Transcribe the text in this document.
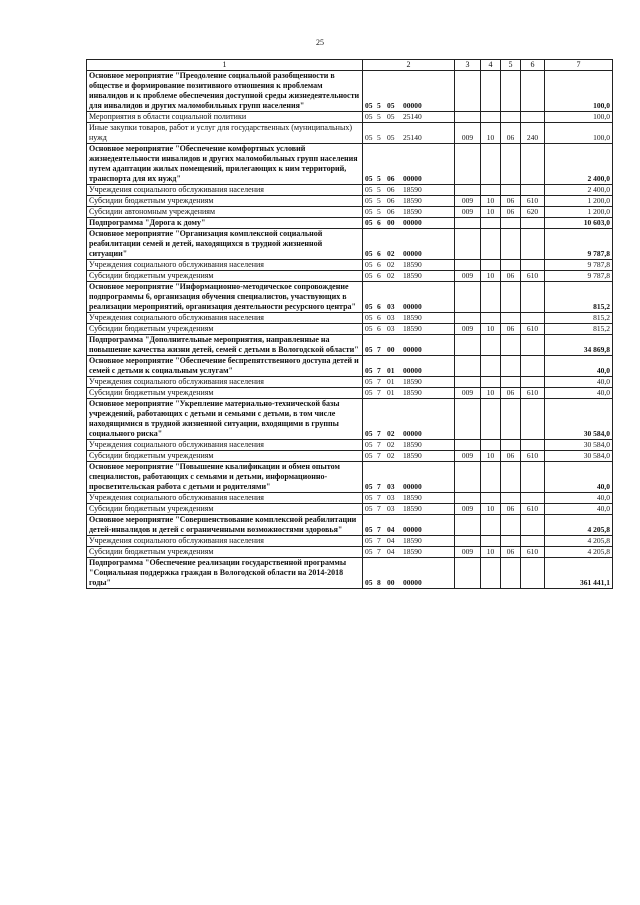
25
1	2	3	4	5	6	7
Основное мероприятие "Преодоление социальной разобщенности в обществе и формирование позитивного отношения к проблемам инвалидов и к проблеме обеспечения доступной среды жизнедеятельности для инвалидов и других маломобильных групп населения"	05 5 05 00000					100,0
Мероприятия в области социальной политики	05 5 05 25140					100,0
Иные закупки товаров, работ и услуг для государственных (муниципальных) нужд	05 5 05 25140	009	10	06	240	100,0
Основное мероприятие "Обеспечение комфортных условий жизнедеятельности инвалидов и других маломобильных групп населения путем адаптации жилых помещений, прилегающих к ним территорий, транспорта для их нужд"	05 5 06 00000					2 400,0
Учреждения социального обслуживания населения	05 5 06 18590					2 400,0
Субсидии бюджетным учреждениям	05 5 06 18590	009	10	06	610	1 200,0
Субсидии автономным учреждениям	05 5 06 18590	009	10	06	620	1 200,0
Подпрограмма "Дорога к дому"	05 6 00 00000					10 603,0
Основное мероприятие "Организация комплексной социальной реабилитации семей и детей, находящихся в трудной жизненной ситуации"	05 6 02 00000					9 787,8
Учреждения социального обслуживания населения	05 6 02 18590					9 787,8
Субсидии бюджетным учреждениям	05 6 02 18590	009	10	06	610	9 787,8
Основное мероприятие "Информационно-методическое сопровождение подпрограммы 6, организация обучения специалистов, участвующих в реализации мероприятий, организация деятельности ресурсного центра"	05 6 03 00000					815,2
Учреждения социального обслуживания населения	05 6 03 18590					815,2
Субсидии бюджетным учреждениям	05 6 03 18590	009	10	06	610	815,2
Подпрограмма "Дополнительные мероприятия, направленные на повышение качества жизни детей, семей с детьми в Вологодской области"	05 7 00 00000					34 869,8
Основное мероприятие "Обеспечение беспрепятственного доступа детей и семей с детьми к социальным услугам"	05 7 01 00000					40,0
Учреждения социального обслуживания населения	05 7 01 18590					40,0
Субсидии бюджетным учреждениям	05 7 01 18590	009	10	06	610	40,0
Основное мероприятие "Укрепление материально-технической базы учреждений, работающих с детьми и семьями с детьми, в том числе находящимися в трудной жизненной ситуации, входящими в группы социального риска"	05 7 02 00000					30 584,0
Учреждения социального обслуживания населения	05 7 02 18590					30 584,0
Субсидии бюджетным учреждениям	05 7 02 18590	009	10	06	610	30 584,0
Основное мероприятие "Повышение квалификации и обмен опытом специалистов, работающих с семьями и детьми, информационно-просветительская работа с детьми и родителями"	05 7 03 00000					40,0
Учреждения социального обслуживания населения	05 7 03 18590					40,0
Субсидии бюджетным учреждениям	05 7 03 18590	009	10	06	610	40,0
Основное мероприятие "Совершенствование комплексной реабилитации детей-инвалидов и детей с ограниченными возможностями здоровья"	05 7 04 00000					4 205,8
Учреждения социального обслуживания населения	05 7 04 18590					4 205,8
Субсидии бюджетным учреждениям	05 7 04 18590	009	10	06	610	4 205,8
Подпрограмма "Обеспечение реализации государственной программы "Социальная поддержка граждан в Вологодской области на 2014-2018 годы"	05 8 00 00000					361 441,1
